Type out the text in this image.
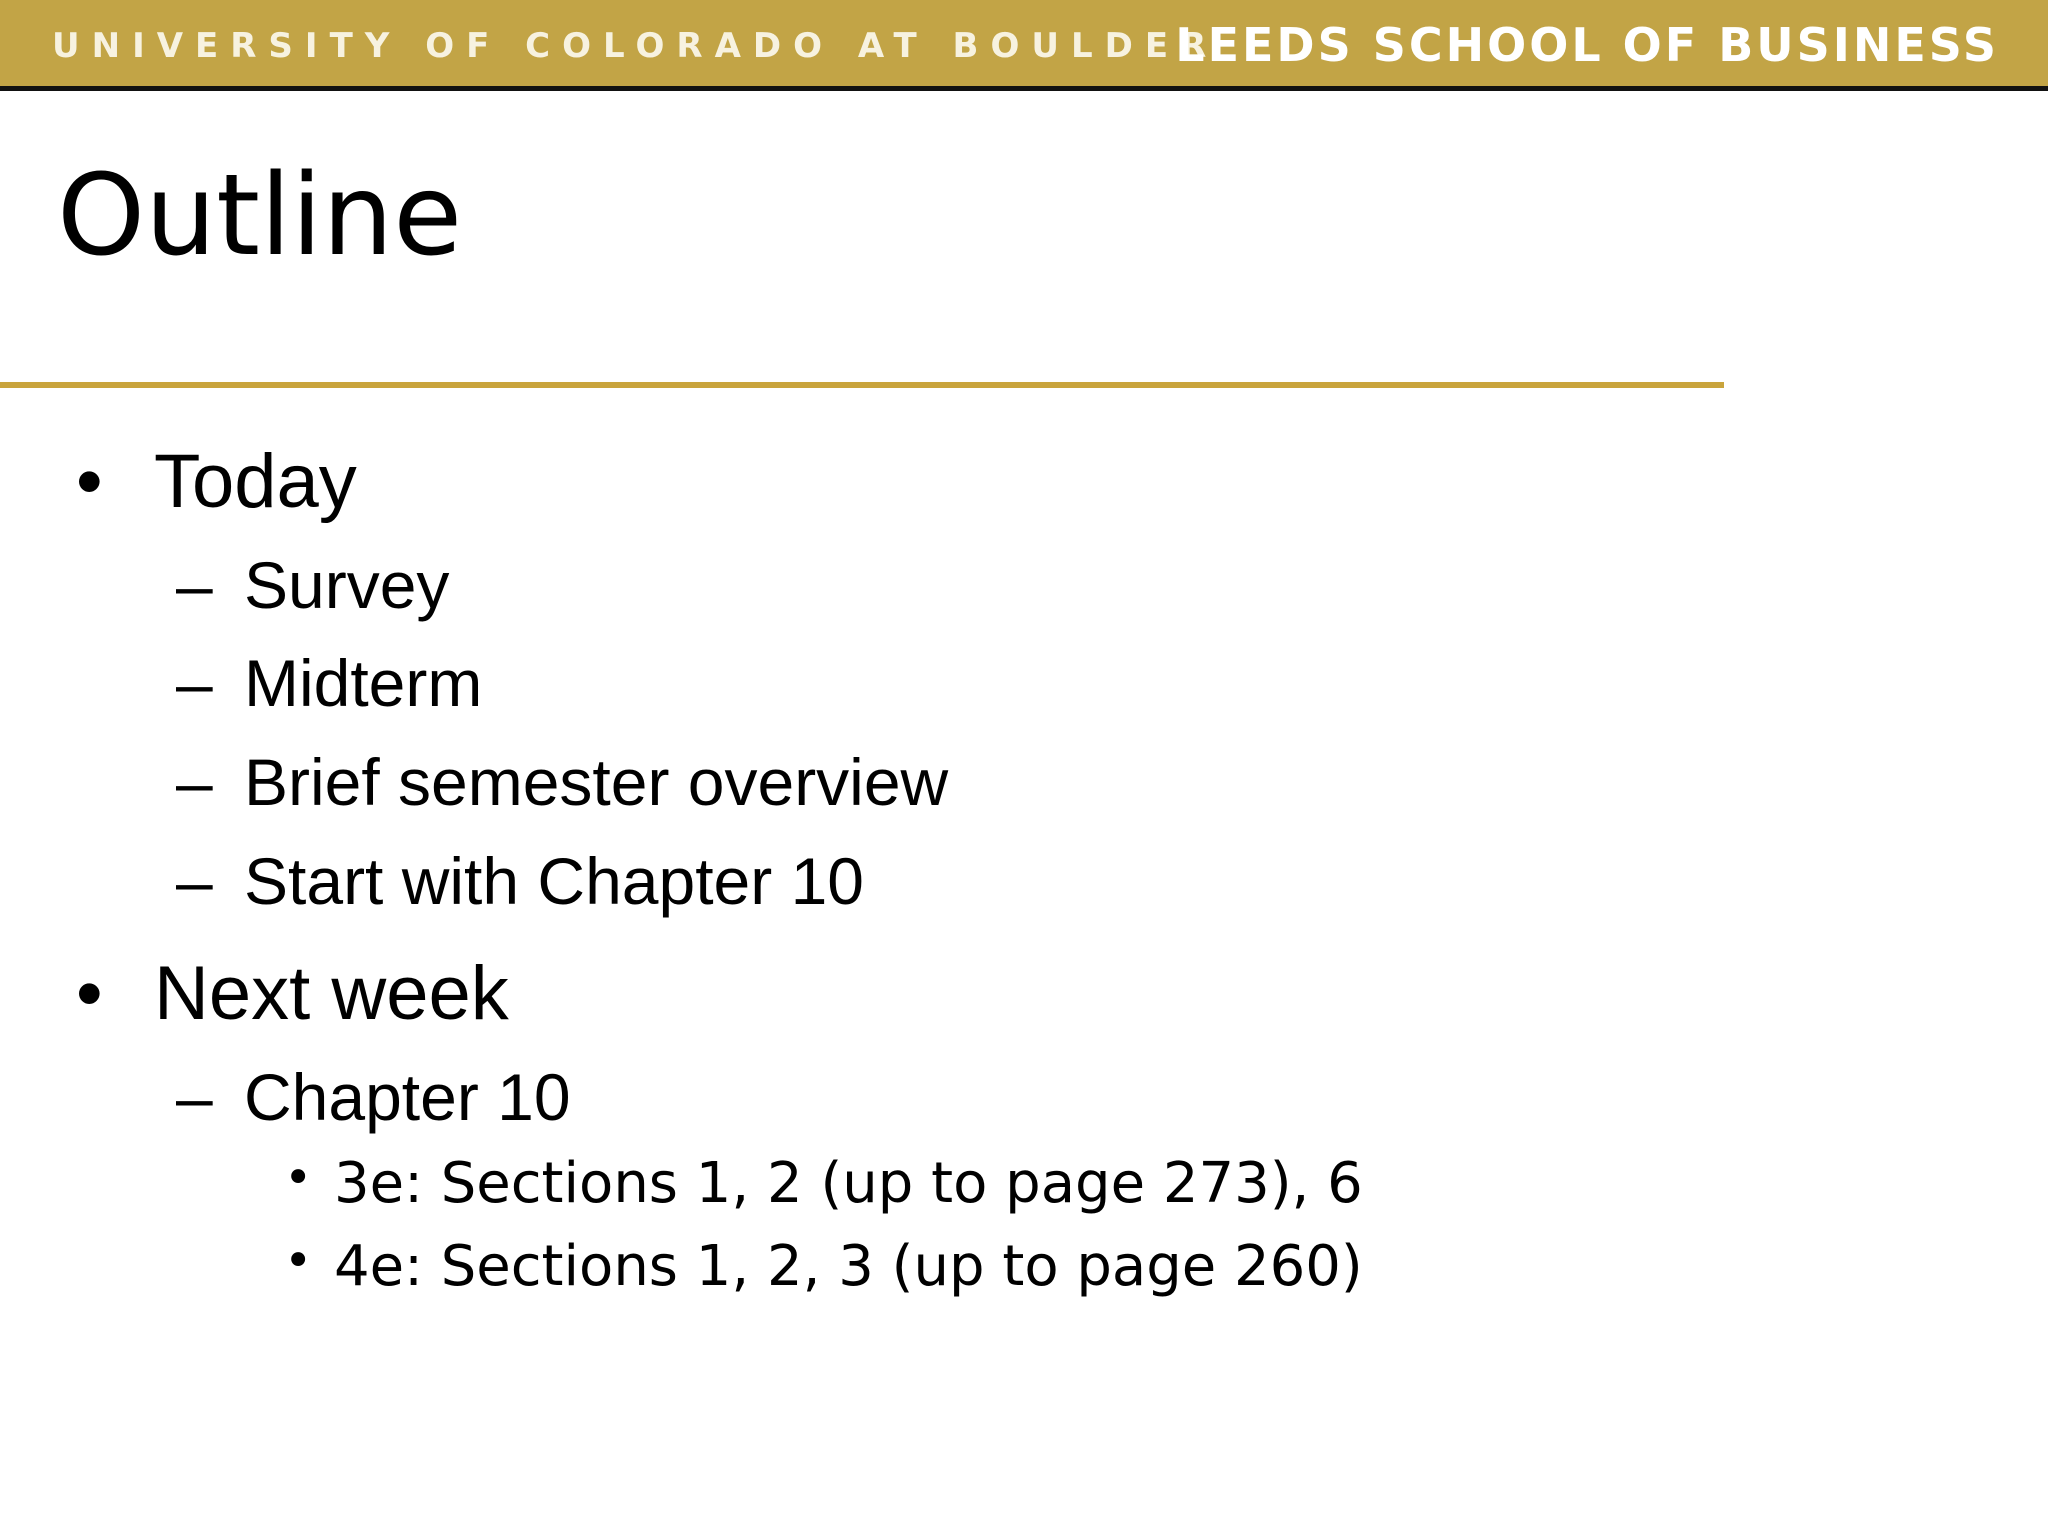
UNIVERSITY OF COLORADO AT BOULDER
LEEDS SCHOOL OF BUSINESS
Outline
• Today
– Survey
– Midterm
– Brief semester overview
– Start with Chapter 10
• Next week
– Chapter 10
• 3e: Sections 1, 2 (up to page 273), 6
• 4e: Sections 1, 2, 3 (up to page 260)
